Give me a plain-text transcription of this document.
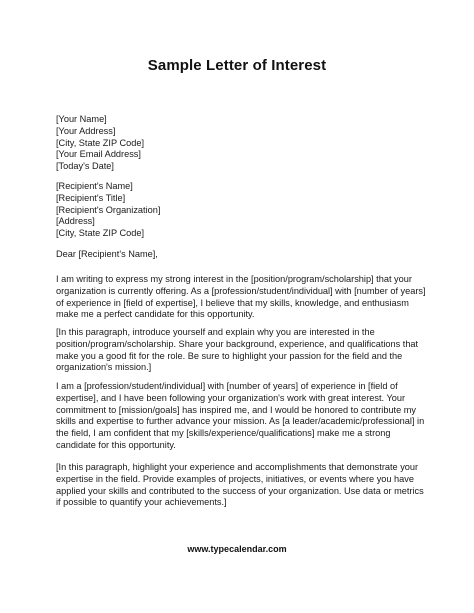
Sample Letter of Interest
[Your Name]
[Your Address]
[City, State ZIP Code]
[Your Email Address]
[Today's Date]
[Recipient's Name]
[Recipient's Title]
[Recipient's Organization]
[Address]
[City, State ZIP Code]
Dear [Recipient's Name],
I am writing to express my strong interest in the [position/program/scholarship] that your organization is currently offering. As a [profession/student/individual] with [number of years] of experience in [field of expertise], I believe that my skills, knowledge, and enthusiasm make me a perfect candidate for this opportunity.
[In this paragraph, introduce yourself and explain why you are interested in the position/program/scholarship. Share your background, experience, and qualifications that make you a good fit for the role. Be sure to highlight your passion for the field and the organization's mission.]
I am a [profession/student/individual] with [number of years] of experience in [field of expertise], and I have been following your organization's work with great interest. Your commitment to [mission/goals] has inspired me, and I would be honored to contribute my skills and expertise to further advance your mission. As [a leader/academic/professional] in the field, I am confident that my [skills/experience/qualifications] make me a strong candidate for this opportunity.
[In this paragraph, highlight your experience and accomplishments that demonstrate your expertise in the field. Provide examples of projects, initiatives, or events where you have applied your skills and contributed to the success of your organization. Use data or metrics if possible to quantify your achievements.]
www.typecalendar.com
